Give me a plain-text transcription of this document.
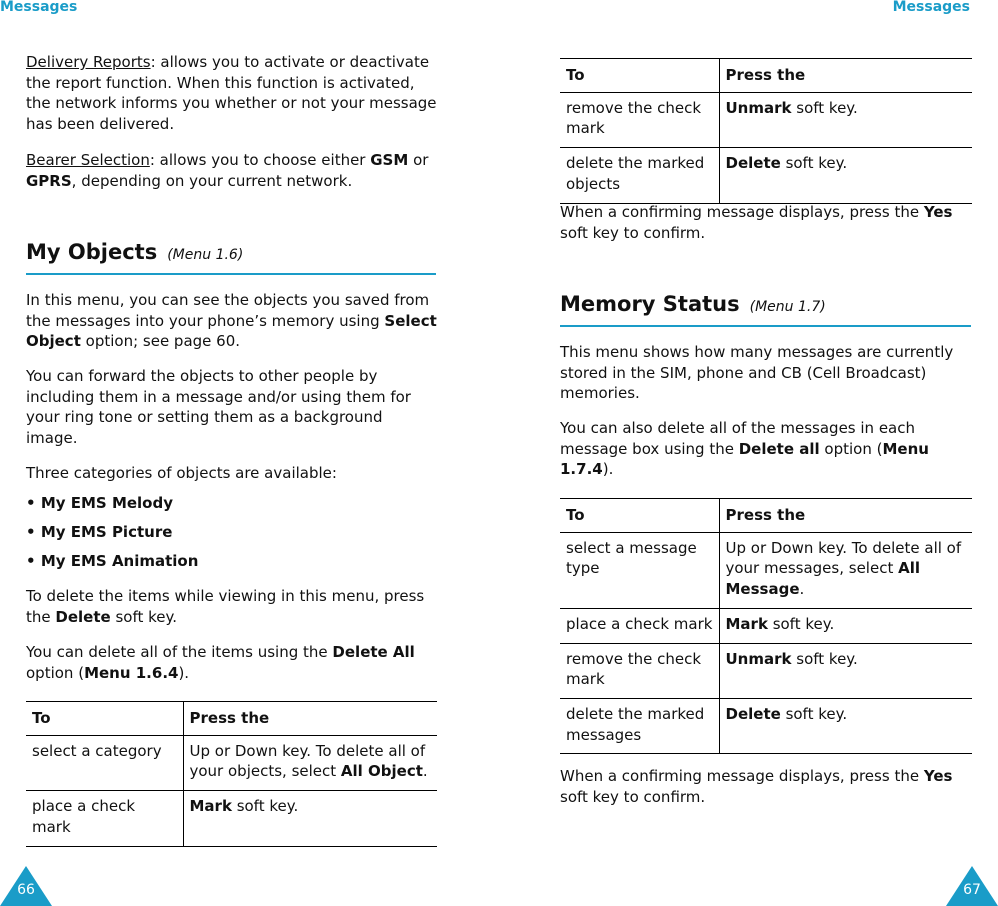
Messages	Messages

Delivery Reports: allows you to activate or deactivate the report function. When this function is activated, the network informs you whether or not your message has been delivered.

Bearer Selection: allows you to choose either GSM or GPRS, depending on your current network.

My Objects (Menu 1.6)

In this menu, you can see the objects you saved from the messages into your phone’s memory using Select Object option; see page 60.

You can forward the objects to other people by including them in a message and/or using them for your ring tone or setting them as a background image.

Three categories of objects are available:

• My EMS Melody
• My EMS Picture
• My EMS Animation

To delete the items while viewing in this menu, press the Delete soft key.

You can delete all of the items using the Delete All option (Menu 1.6.4).

To	Press the
select a category	Up or Down key. To delete all of your objects, select All Object.
place a check mark	Mark soft key.
66
To	Press the
remove the check mark	Unmark soft key.
delete the marked objects	Delete soft key.

When a confirming message displays, press the Yes soft key to confirm.

Memory Status (Menu 1.7)

This menu shows how many messages are currently stored in the SIM, phone and CB (Cell Broadcast) memories.

You can also delete all of the messages in each message box using the Delete all option (Menu 1.7.4).

To	Press the
select a message type	Up or Down key. To delete all of your messages, select All Message.
place a check mark	Mark soft key.
remove the check mark	Unmark soft key.
delete the marked messages	Delete soft key.

When a confirming message displays, press the Yes soft key to confirm.

67
